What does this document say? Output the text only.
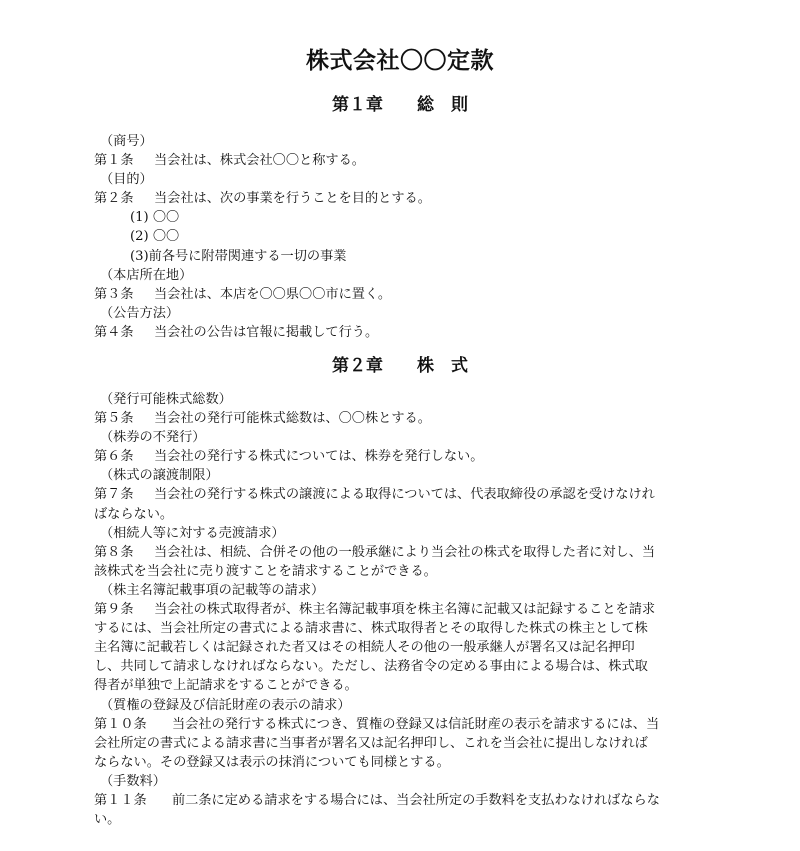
株式会社〇〇定款
第１章　　総　則
（商号）
第１条 当会社は、株式会社〇〇と称する。
（目的）
第２条 当会社は、次の事業を行うことを目的とする。
(1) 〇〇
(2) 〇〇
(3)前各号に附帯関連する一切の事業
（本店所在地）
第３条 当会社は、本店を〇〇県〇〇市に置く。
（公告方法）
第４条 当会社の公告は官報に掲載して行う。
第２章　　株　式
（発行可能株式総数）
第５条 当会社の発行可能株式総数は、〇〇株とする。
（株券の不発行）
第６条 当会社の発行する株式については、株券を発行しない。
（株式の譲渡制限）
第７条 当会社の発行する株式の譲渡による取得については、代表取締役の承認を受けなけれ
ばならない。
（相続人等に対する売渡請求）
第８条 当会社は、相続、合併その他の一般承継により当会社の株式を取得した者に対し、当
該株式を当会社に売り渡すことを請求することができる。
（株主名簿記載事項の記載等の請求）
第９条 当会社の株式取得者が、株主名簿記載事項を株主名簿に記載又は記録することを請求
するには、当会社所定の書式による請求書に、株式取得者とその取得した株式の株主として株
主名簿に記載若しくは記録された者又はその相続人その他の一般承継人が署名又は記名押印
し、共同して請求しなければならない。ただし、法務省令の定める事由による場合は、株式取
得者が単独で上記請求をすることができる。
（質権の登録及び信託財産の表示の請求）
第１０条 当会社の発行する株式につき、質権の登録又は信託財産の表示を請求するには、当
会社所定の書式による請求書に当事者が署名又は記名押印し、これを当会社に提出しなければ
ならない。その登録又は表示の抹消についても同様とする。
（手数料）
第１１条 前二条に定める請求をする場合には、当会社所定の手数料を支払わなければならな
い。
